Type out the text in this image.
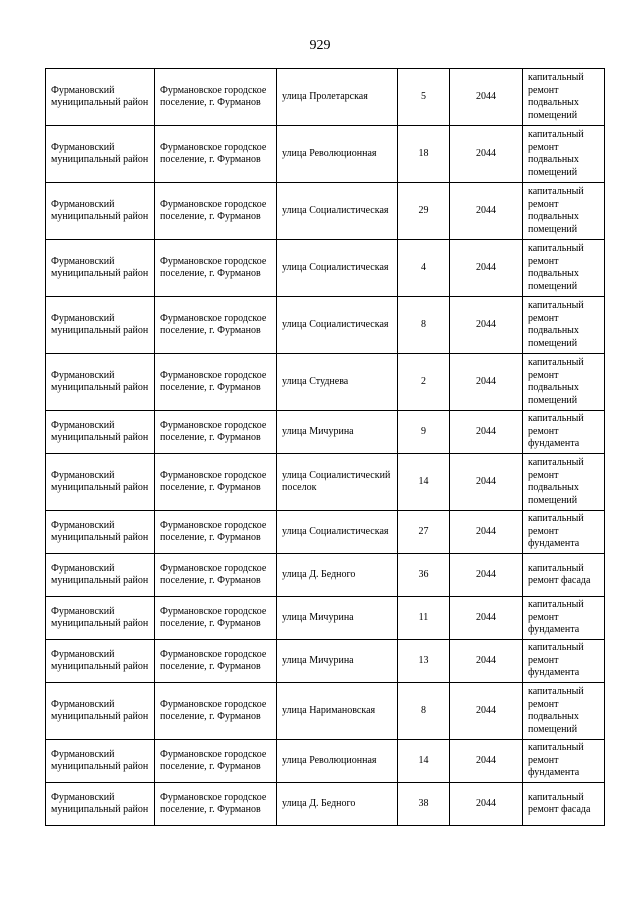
929
Фурмановский муниципальный район	Фурмановское городское поселение, г. Фурманов	улица Пролетарская	5	2044	капитальный ремонт подвальных помещений
Фурмановский муниципальный район	Фурмановское городское поселение, г. Фурманов	улица Революционная	18	2044	капитальный ремонт подвальных помещений
Фурмановский муниципальный район	Фурмановское городское поселение, г. Фурманов	улица Социалистическая	29	2044	капитальный ремонт подвальных помещений
Фурмановский муниципальный район	Фурмановское городское поселение, г. Фурманов	улица Социалистическая	4	2044	капитальный ремонт подвальных помещений
Фурмановский муниципальный район	Фурмановское городское поселение, г. Фурманов	улица Социалистическая	8	2044	капитальный ремонт подвальных помещений
Фурмановский муниципальный район	Фурмановское городское поселение, г. Фурманов	улица Студнева	2	2044	капитальный ремонт подвальных помещений
Фурмановский муниципальный район	Фурмановское городское поселение, г. Фурманов	улица Мичурина	9	2044	капитальный ремонт фундамента
Фурмановский муниципальный район	Фурмановское городское поселение, г. Фурманов	улица Социалистический поселок	14	2044	капитальный ремонт подвальных помещений
Фурмановский муниципальный район	Фурмановское городское поселение, г. Фурманов	улица Социалистическая	27	2044	капитальный ремонт фундамента
Фурмановский муниципальный район	Фурмановское городское поселение, г. Фурманов	улица Д. Бедного	36	2044	капитальный ремонт фасада
Фурмановский муниципальный район	Фурмановское городское поселение, г. Фурманов	улица Мичурина	11	2044	капитальный ремонт фундамента
Фурмановский муниципальный район	Фурмановское городское поселение, г. Фурманов	улица Мичурина	13	2044	капитальный ремонт фундамента
Фурмановский муниципальный район	Фурмановское городское поселение, г. Фурманов	улица Наримановская	8	2044	капитальный ремонт подвальных помещений
Фурмановский муниципальный район	Фурмановское городское поселение, г. Фурманов	улица Революционная	14	2044	капитальный ремонт фундамента
Фурмановский муниципальный район	Фурмановское городское поселение, г. Фурманов	улица Д. Бедного	38	2044	капитальный ремонт фасада
